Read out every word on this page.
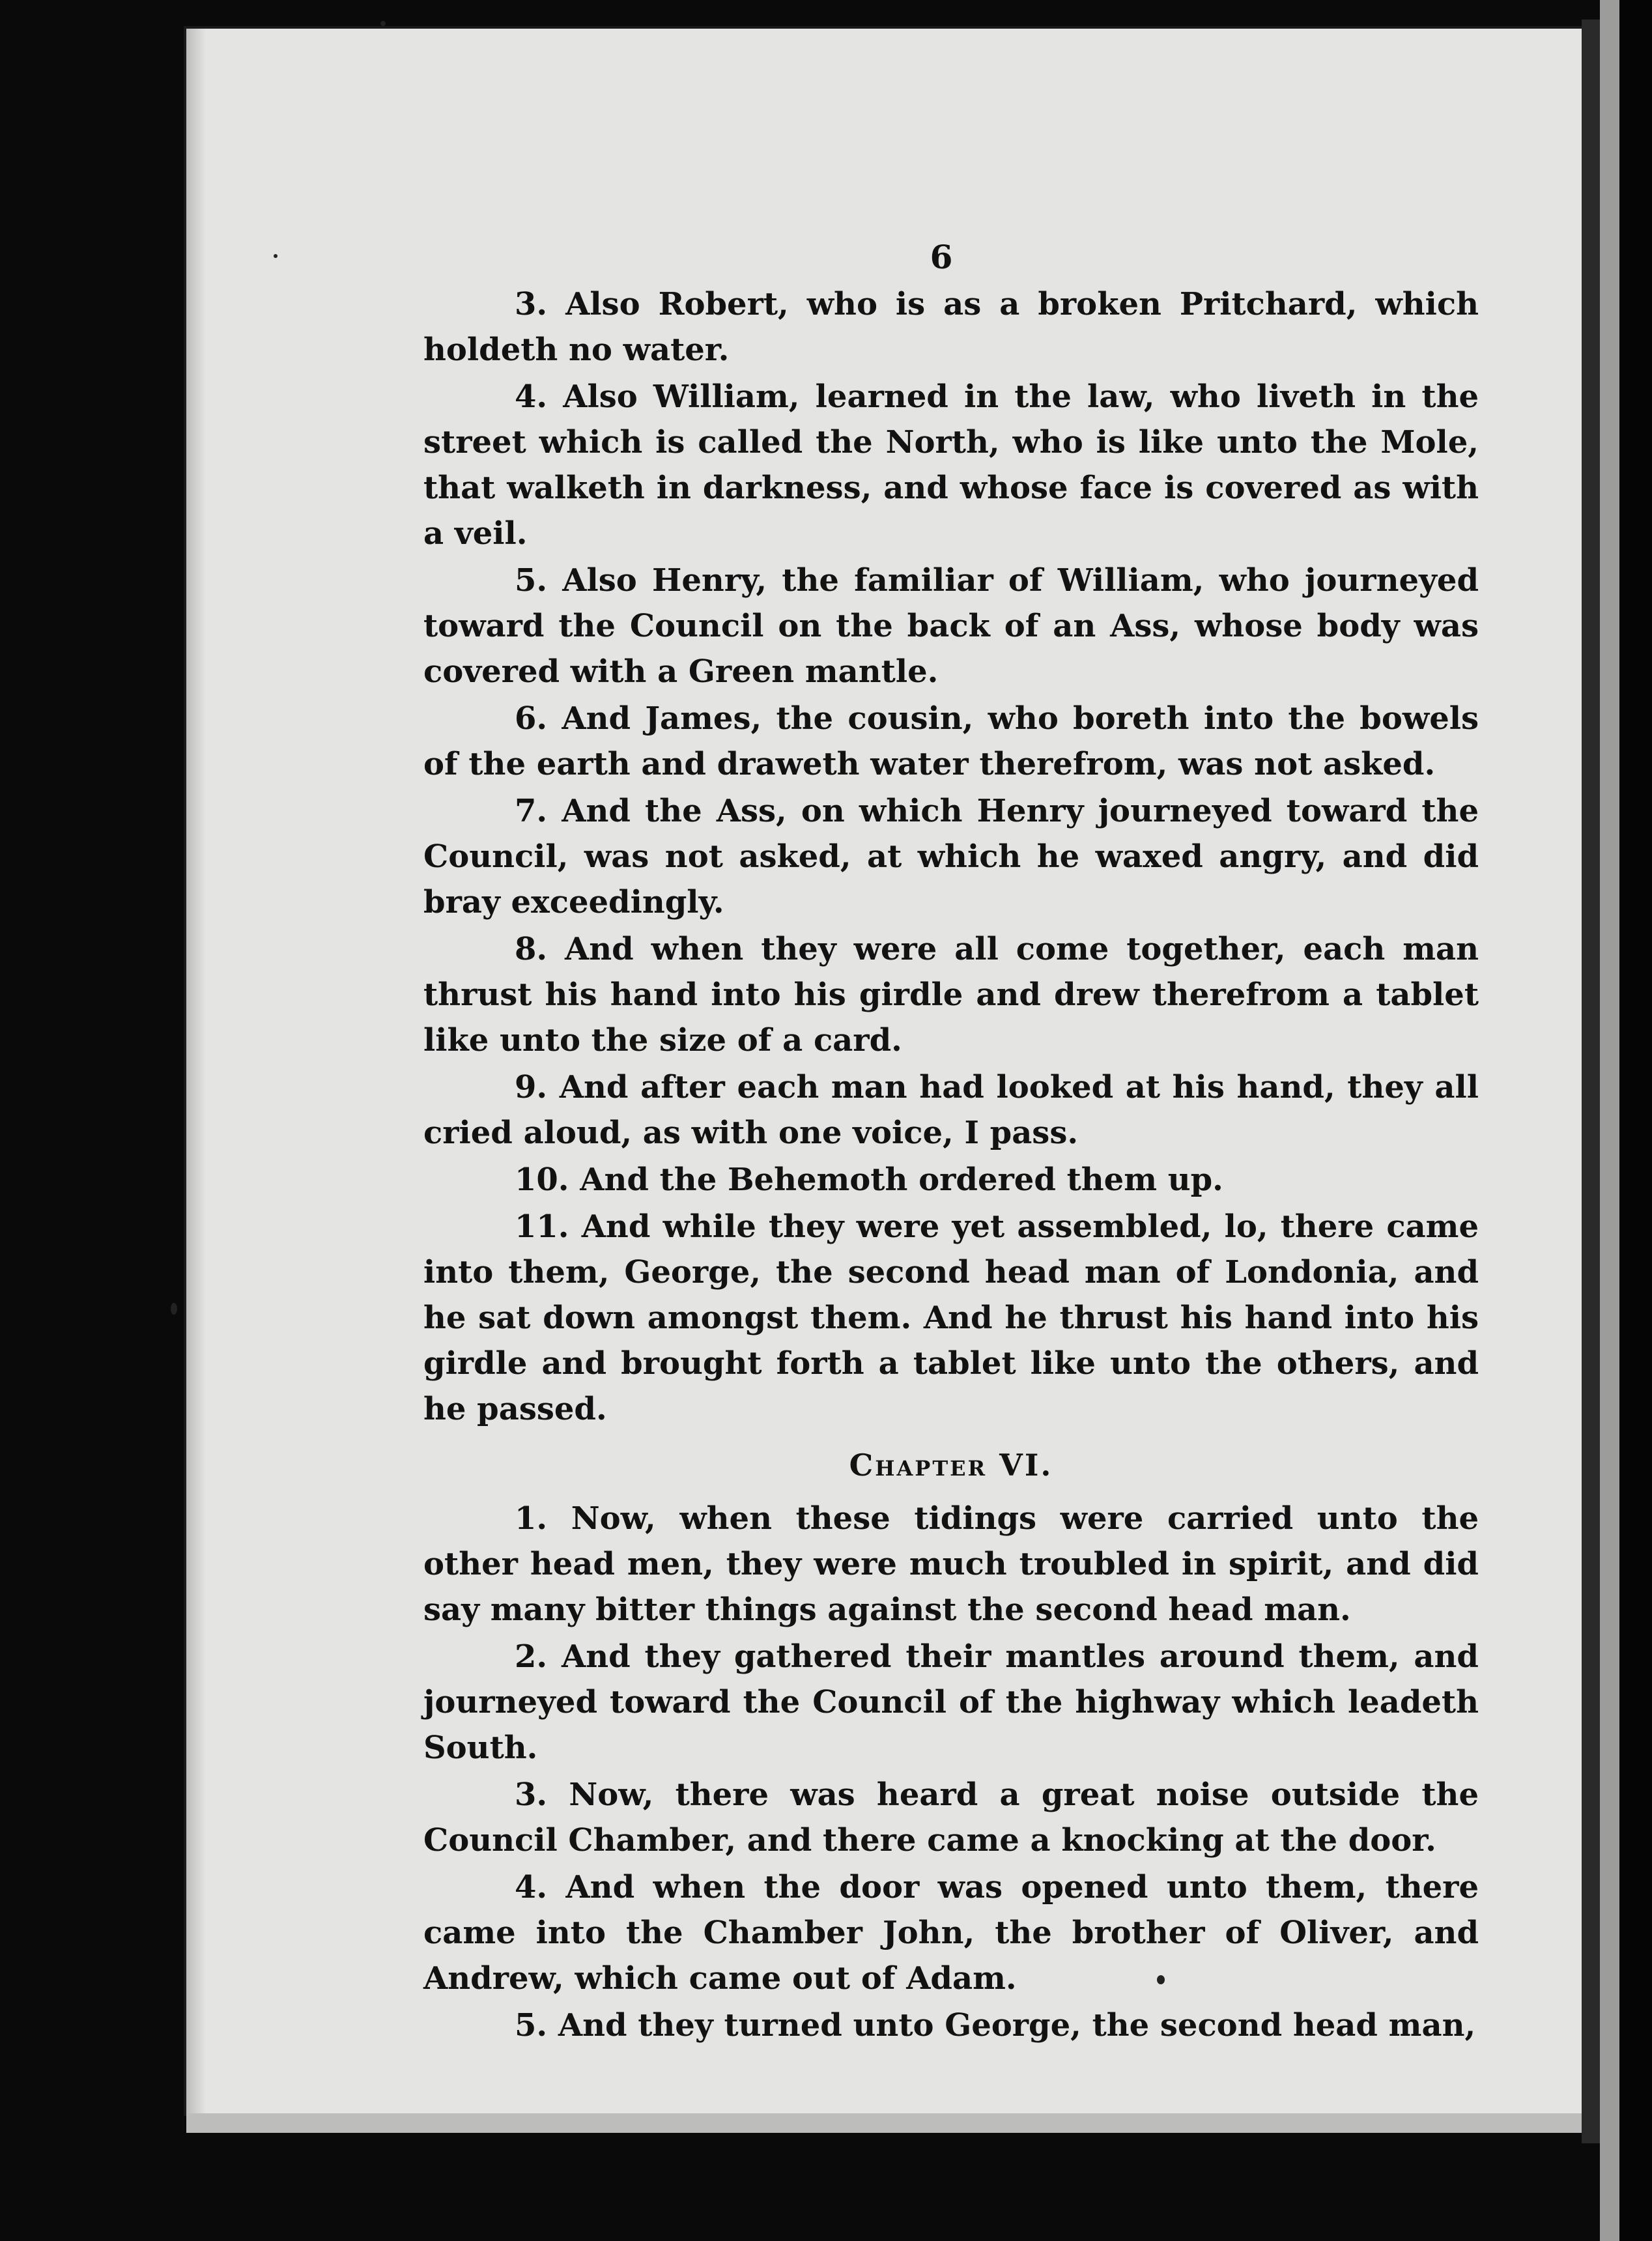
6

3. Also Robert, who is as a broken Pritchard, which holdeth no water.

4. Also William, learned in the law, who liveth in the street which is called the North, who is like unto the Mole, that walketh in darkness, and whose face is covered as with a veil.

5. Also Henry, the familiar of William, who journeyed toward the Council on the back of an Ass, whose body was covered with a Green mantle.

6. And James, the cousin, who boreth into the bowels of the earth and draweth water therefrom, was not asked.

7. And the Ass, on which Henry journeyed toward the Council, was not asked, at which he waxed angry, and did bray exceedingly.

8. And when they were all come together, each man thrust his hand into his girdle and drew therefrom a tablet like unto the size of a card.

9. And after each man had looked at his hand, they all cried aloud, as with one voice, I pass.

10. And the Behemoth ordered them up.

11. And while they were yet assembled, lo, there came into them, George, the second head man of Londonia, and he sat down amongst them. And he thrust his hand into his girdle and brought forth a tablet like unto the others, and he passed.

Chapter VI.

1. Now, when these tidings were carried unto the other head men, they were much troubled in spirit, and did say many bitter things against the second head man.

2. And they gathered their mantles around them, and journeyed toward the Council of the highway which leadeth South.

3. Now, there was heard a great noise outside the Council Chamber, and there came a knocking at the door.

4. And when the door was opened unto them, there came into the Chamber John, the brother of Oliver, and Andrew, which came out of Adam.

5. And they turned unto George, the second head man,
